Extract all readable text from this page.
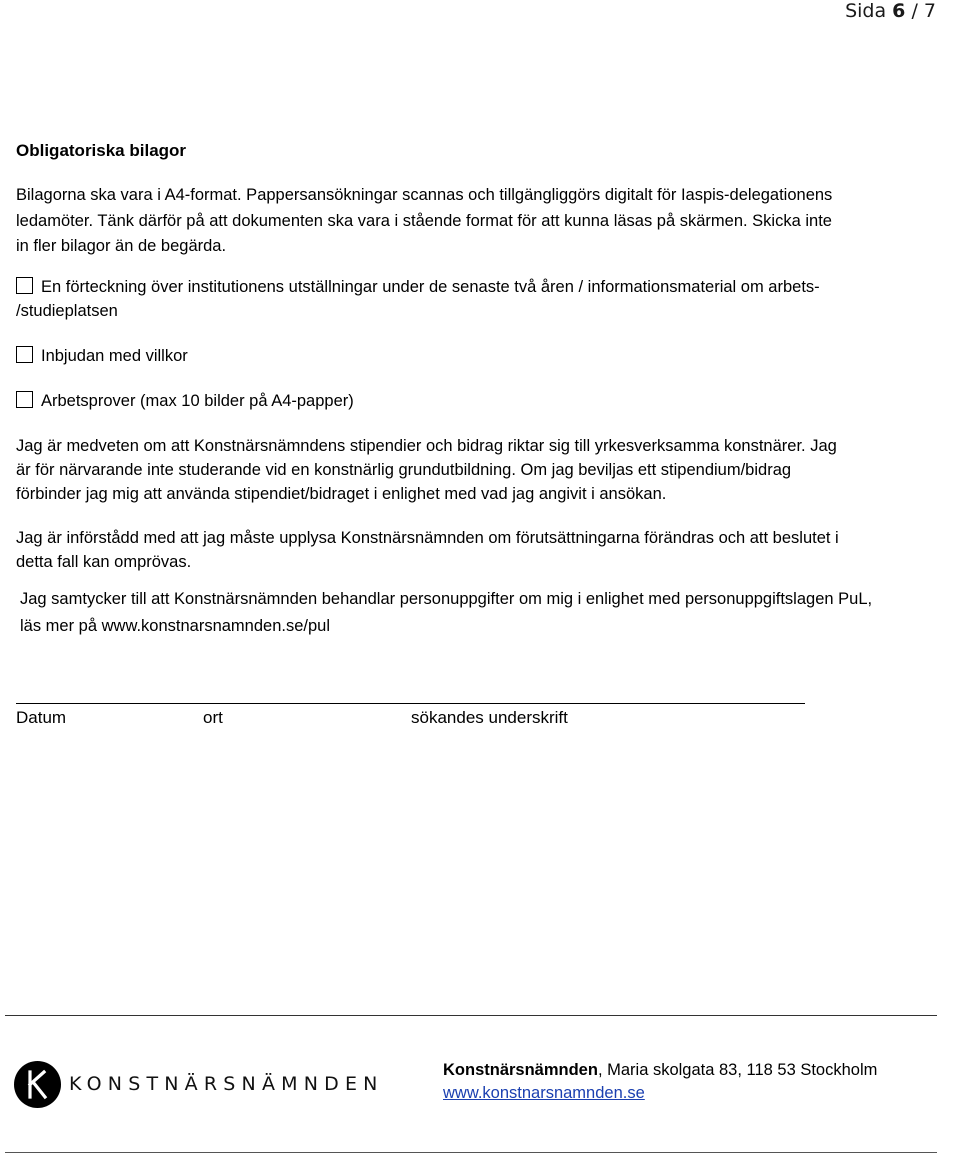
Sida 6 / 7
Obligatoriska bilagor

Bilagorna ska vara i A4-format. Pappersansökningar scannas och tillgängliggörs digitalt för Iaspis-delegationens

ledamöter. Tänk därför på att dokumenten ska vara i stående format för att kunna läsas på skärmen. Skicka inte

in fler bilagor än de begärda.

En förteckning över institutionens utställningar under de senaste två åren / informationsmaterial om arbets-
/studieplatsen
Inbjudan med villkor
Arbetsprover (max 10 bilder på A4-papper)
Jag är medveten om att Konstnärsnämndens stipendier och bidrag riktar sig till yrkesverksamma konstnärer. Jag
är för närvarande inte studerande vid en konstnärlig grundutbildning. Om jag beviljas ett stipendium/bidrag
förbinder jag mig att använda stipendiet/bidraget i enlighet med vad jag angivit i ansökan.
Jag är införstådd med att jag måste upplysa Konstnärsnämnden om förutsättningarna förändras och att beslutet i
detta fall kan omprövas.
Jag samtycker till att Konstnärsnämnden behandlar personuppgifter om mig i enlighet med personuppgiftslagen PuL,
läs mer på www.konstnarsnamnden.se/pul
Datum	ort	sökandes underskrift
KONSTNÄRSNÄMNDEN
Konstnärsnämnden, Maria skolgata 83, 118 53 Stockholm
www.konstnarsnamnden.se
